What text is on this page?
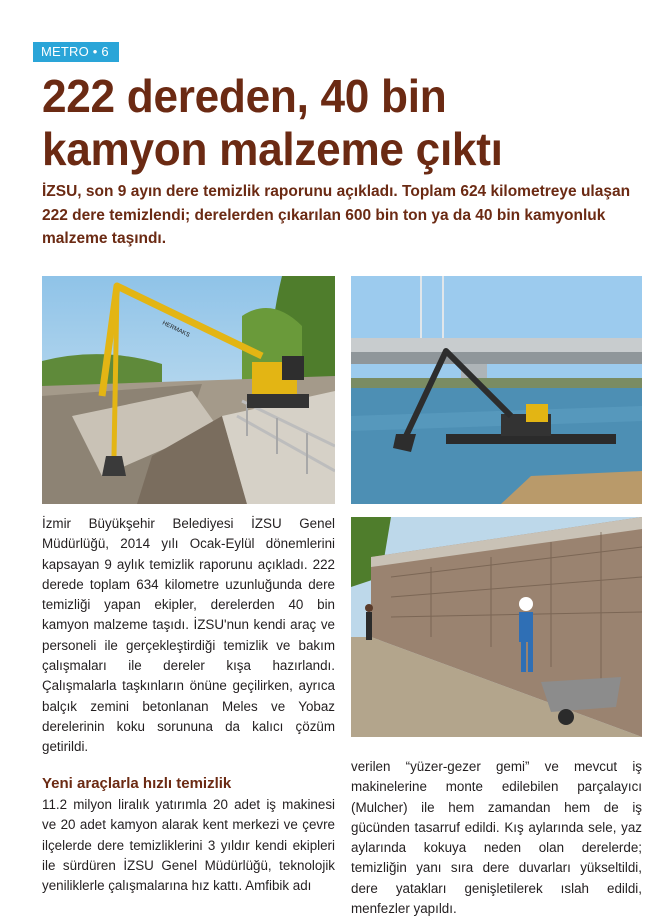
METRO • 6
222 dereden, 40 bin
kamyon malzeme çıktı

İZSU, son 9 ayın dere temizlik raporunu açıkladı. Toplam 624 kilometreye ulaşan 222 dere temizlendi; derelerden çıkarılan 600 bin ton ya da 40 bin kamyonluk malzeme taşındı.

HERMAKS

İzmir Büyükşehir Belediyesi İZSU Genel Müdürlüğü, 2014 yılı Ocak-Eylül dönemlerini kapsayan 9 aylık temizlik raporunu açıkladı. 222 derede toplam 634 kilometre uzunluğunda dere temizliği yapan ekipler, derelerden 40 bin kamyon malzeme taşıdı. İZSU'nun kendi araç ve personeli ile gerçekleştirdiği temizlik ve bakım çalışmaları ile dereler kışa hazırlandı. Çalışmalarla taşkınların önüne geçilirken, ayrıca balçık zemini betonlanan Meles ve Yobaz derelerinin koku sorununa da kalıcı çözüm getirildi.

Yeni araçlarla hızlı temizlik

11.2 milyon liralık yatırımla 20 adet iş makinesi ve 20 adet kamyon alarak kent merkezi ve çevre ilçelerde dere temizliklerini 3 yıldır kendi ekipleri ile sürdüren İZSU Genel Müdürlüğü, teknolojik yeniliklerle çalışmalarına hız kattı. Amfibik adı

verilen “yüzer-gezer gemi” ve mevcut iş makinelerine monte edilebilen parçalayıcı (Mulcher) ile hem zamandan hem de iş gücünden tasarruf edildi. Kış aylarında sele, yaz aylarında kokuya neden olan derelerde; temizliğin yanı sıra dere duvarları yükseltildi, dere yatakları genişletilerek ıslah edildi, menfezler yapıldı.
